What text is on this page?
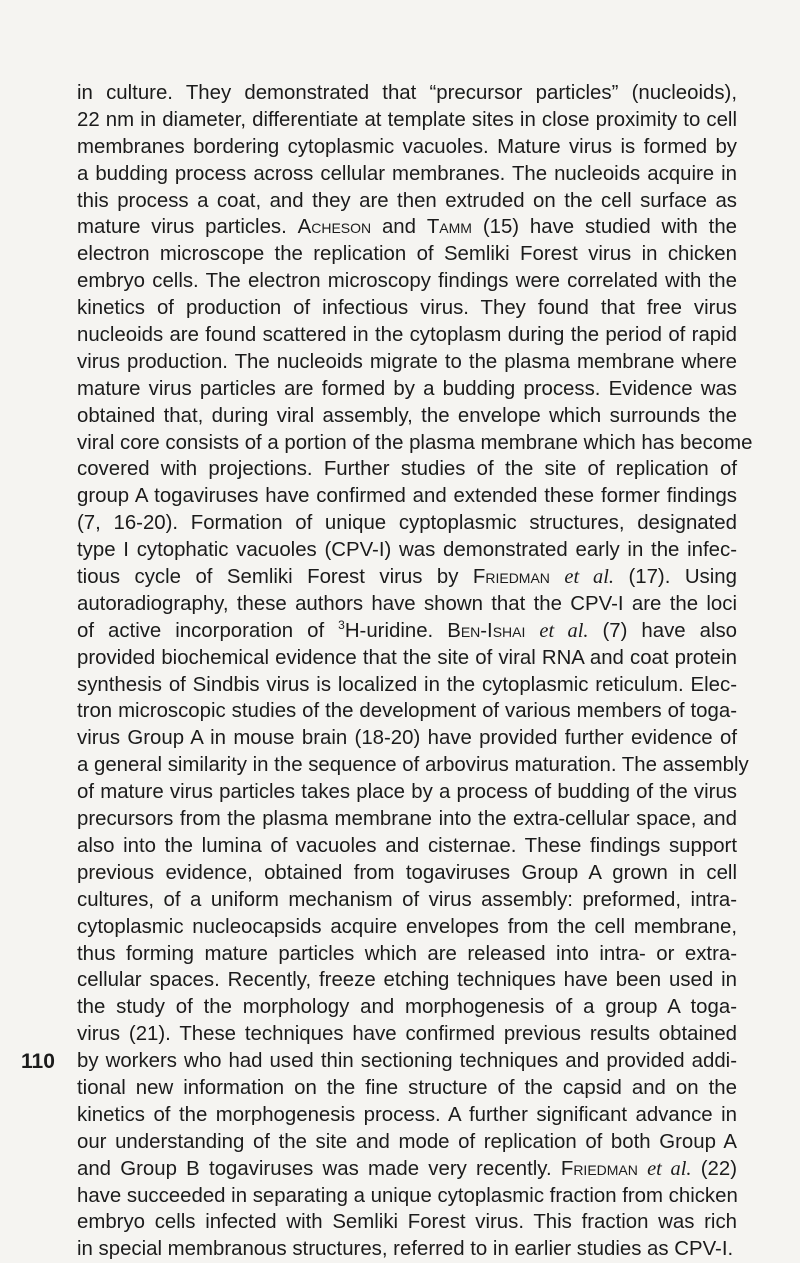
in culture. They demonstrated that “precursor particles” (nucleoids),
22 nm in diameter, differentiate at template sites in close proximity to cell
membranes bordering cytoplasmic vacuoles. Mature virus is formed by
a budding process across cellular membranes. The nucleoids acquire in
this process a coat, and they are then extruded on the cell surface as
mature virus particles. Acheson and Tamm (15) have studied with the
electron microscope the replication of Semliki Forest virus in chicken
embryo cells. The electron microscopy findings were correlated with the
kinetics of production of infectious virus. They found that free virus
nucleoids are found scattered in the cytoplasm during the period of rapid
virus production. The nucleoids migrate to the plasma membrane where
mature virus particles are formed by a budding process. Evidence was
obtained that, during viral assembly, the envelope which surrounds the
viral core consists of a portion of the plasma membrane which has become
covered with projections. Further studies of the site of replication of
group A togaviruses have confirmed and extended these former findings
(7, 16-20). Formation of unique cyptoplasmic structures, designated
type I cytophatic vacuoles (CPV-I) was demonstrated early in the infec-
tious cycle of Semliki Forest virus by Friedman et al. (17). Using
autoradiography, these authors have shown that the CPV-I are the loci
of active incorporation of $^3$H-uridine. Ben-Ishai et al. (7) have also
provided biochemical evidence that the site of viral RNA and coat protein
synthesis of Sindbis virus is localized in the cytoplasmic reticulum. Elec-
tron microscopic studies of the development of various members of toga-
virus Group A in mouse brain (18-20) have provided further evidence of
a general similarity in the sequence of arbovirus maturation. The assembly
of mature virus particles takes place by a process of budding of the virus
precursors from the plasma membrane into the extra-cellular space, and
also into the lumina of vacuoles and cisternae. These findings support
previous evidence, obtained from togaviruses Group A grown in cell
cultures, of a uniform mechanism of virus assembly: preformed, intra-
cytoplasmic nucleocapsids acquire envelopes from the cell membrane,
thus forming mature particles which are released into intra- or extra-
cellular spaces. Recently, freeze etching techniques have been used in
the study of the morphology and morphogenesis of a group A toga-
virus (21). These techniques have confirmed previous results obtained
by workers who had used thin sectioning techniques and provided addi-
tional new information on the fine structure of the capsid and on the
kinetics of the morphogenesis process. A further significant advance in
our understanding of the site and mode of replication of both Group A
and Group B togaviruses was made very recently. Friedman et al. (22)
have succeeded in separating a unique cytoplasmic fraction from chicken
embryo cells infected with Semliki Forest virus. This fraction was rich
in special membranous structures, referred to in earlier studies as CPV-I.
110
